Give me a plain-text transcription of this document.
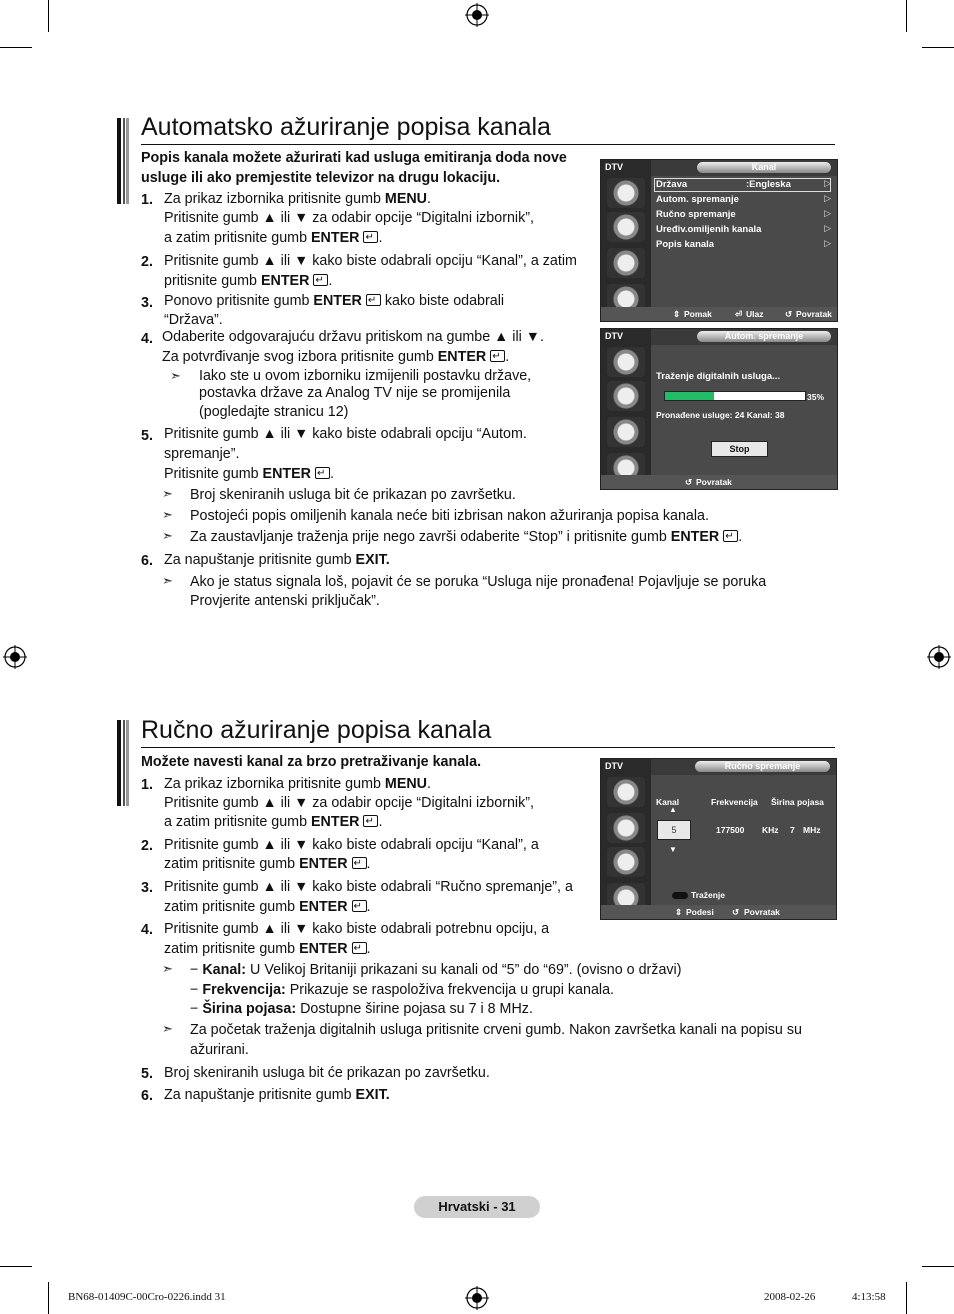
Automatsko ažuriranje popisa kanala
Popis kanala možete ažurirati kad usluga emitiranja doda nove
usluge ili ako premjestite televizor na drugu lokaciju.
1. Za prikaz izbornika pritisnite gumb MENU.
Pritisnite gumb ▲ ili ▼ za odabir opcije “Digitalni izbornik”,
a zatim pritisnite gumb ENTER ↵ .
2. Pritisnite gumb ▲ ili ▼ kako biste odabrali opciju “Kanal”, a zatim
pritisnite gumb ENTER ↵ .
3. Ponovo pritisnite gumb ENTER↵ kako biste odabrali
“Država”.
4. Odaberite odgovarajuću državu pritiskom na gumbe ▲ ili ▼.
Za potvrđivanje svog izbora pritisnite gumb ENTER ↵ .
➣ Iako ste u ovom izborniku izmijenili postavku države,
postavka države za Analog TV nije se promijenila
(pogledajte stranicu 12)
5. Pritisnite gumb ▲ ili ▼ kako biste odabrali opciju “Autom.
spremanje”.
Pritisnite gumb ENTER ↵ .
➣ Broj skeniranih usluga bit će prikazan po završetku.
➣ Postojeći popis omiljenih kanala neće biti izbrisan nakon ažuriranja popisa kanala.
➣ Za zaustavljanje traženja prije nego završi odaberite “Stop” i pritisnite gumb ENTER ↵ .
6. Za napuštanje pritisnite gumb EXIT.
➣ Ako je status signala loš, pojavit će se poruka “Usluga nije pronađena! Pojavljuje se poruka
Provjerite antenski priključak”.
DTV	Kanal
Država	:Engleska	▷
Autom. spremanje	▷
Ručno spremanje	▷
Uređiv.omiljenih kanala	▷
Popis kanala	▷
⇕ Pomak	⏎ Ulaz	↺ Povratak
DTV	Autom. spremanje
Traženje digitalnih usluga...
35%
Pronađene usluge: 24 Kanal: 38
Stop
↺ Povratak
Ručno ažuriranje popisa kanala
Možete navesti kanal za brzo pretraživanje kanala.
1. Za prikaz izbornika pritisnite gumb MENU.
Pritisnite gumb ▲ ili ▼ za odabir opcije “Digitalni izbornik”,
a zatim pritisnite gumb ENTER ↵ .
2. Pritisnite gumb ▲ ili ▼ kako biste odabrali opciju “Kanal”, a
zatim pritisnite gumb ENTER ↵ .
3. Pritisnite gumb ▲ ili ▼ kako biste odabrali “Ručno spremanje”, a
zatim pritisnite gumb ENTER ↵ .
4. Pritisnite gumb ▲ ili ▼ kako biste odabrali potrebnu opciju, a
zatim pritisnite gumb ENTER ↵ .
➣ − Kanal: U Velikoj Britaniji prikazani su kanali od “5” do “69”. (ovisno o državi)
− Frekvencija: Prikazuje se raspoloživa frekvencija u grupi kanala.
− Širina pojasa: Dostupne širine pojasa su 7 i 8 MHz.
➣ Za početak traženja digitalnih usluga pritisnite crveni gumb. Nakon završetka kanali na popisu su
ažurirani.
5. Broj skeniranih usluga bit će prikazan po završetku.
6. Za napuštanje pritisnite gumb EXIT.
DTV	Ručno spremanje
Kanal	Frekvencija Širina pojasa
▲
5	177500 KHz 7 MHz
▼
Traženje
⇕ Podesi ↺ Povratak
Hrvatski - 31
BN68-01409C-00Cro-0226.indd 31	2008-02-26	4:13:58
